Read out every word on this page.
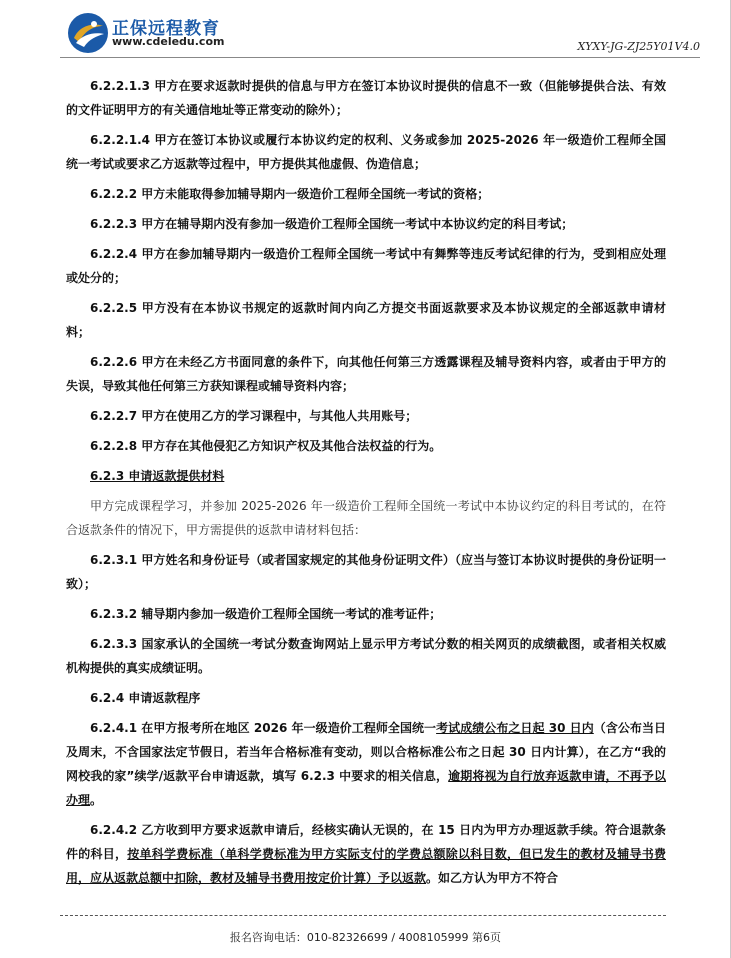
正保远程教育
www.cdeledu.com	XYXY-JG-ZJ25Y01V4.0

6.2.2.1.3 甲方在要求返款时提供的信息与甲方在签订本协议时提供的信息不一致（但能够提供合法、有效的文件证明甲方的有关通信地址等正常变动的除外）；

6.2.2.1.4 甲方在签订本协议或履行本协议约定的权利、义务或参加 2025-2026 年一级造价工程师全国统一考试或要求乙方返款等过程中，甲方提供其他虚假、伪造信息；

6.2.2.2 甲方未能取得参加辅导期内一级造价工程师全国统一考试的资格；

6.2.2.3 甲方在辅导期内没有参加一级造价工程师全国统一考试中本协议约定的科目考试；

6.2.2.4 甲方在参加辅导期内一级造价工程师全国统一考试中有舞弊等违反考试纪律的行为，受到相应处理或处分的；

6.2.2.5 甲方没有在本协议书规定的返款时间内向乙方提交书面返款要求及本协议规定的全部返款申请材料；

6.2.2.6 甲方在未经乙方书面同意的条件下，向其他任何第三方透露课程及辅导资料内容，或者由于甲方的失误，导致其他任何第三方获知课程或辅导资料内容；

6.2.2.7 甲方在使用乙方的学习课程中，与其他人共用账号；

6.2.2.8 甲方存在其他侵犯乙方知识产权及其他合法权益的行为。

6.2.3 申请返款提供材料

甲方完成课程学习，并参加 2025-2026 年一级造价工程师全国统一考试中本协议约定的科目考试的，在符合返款条件的情况下，甲方需提供的返款申请材料包括：

6.2.3.1 甲方姓名和身份证号（或者国家规定的其他身份证明文件）（应当与签订本协议时提供的身份证明一致）；

6.2.3.2 辅导期内参加一级造价工程师全国统一考试的准考证件；

6.2.3.3 国家承认的全国统一考试分数查询网站上显示甲方考试分数的相关网页的成绩截图，或者相关权威机构提供的真实成绩证明。

6.2.4 申请返款程序

6.2.4.1 在甲方报考所在地区 2026 年一级造价工程师全国统一考试成绩公布之日起 30 日内（含公布当日及周末，不含国家法定节假日，若当年合格标准有变动，则以合格标准公布之日起 30 日内计算），在乙方“我的网校我的家”续学/返款平台申请返款，填写 6.2.3 中要求的相关信息，逾期将视为自行放弃返款申请，不再予以办理。

6.2.4.2 乙方收到甲方要求返款申请后，经核实确认无误的，在 15 日内为甲方办理返款手续。符合退款条件的科目，按单科学费标准（单科学费标准为甲方实际支付的学费总额除以科目数，但已发生的教材及辅导书费用，应从返款总额中扣除，教材及辅导书费用按定价计算）予以返款。如乙方认为甲方不符合

报名咨询电话：010-82326699 / 4008105999 第6页
